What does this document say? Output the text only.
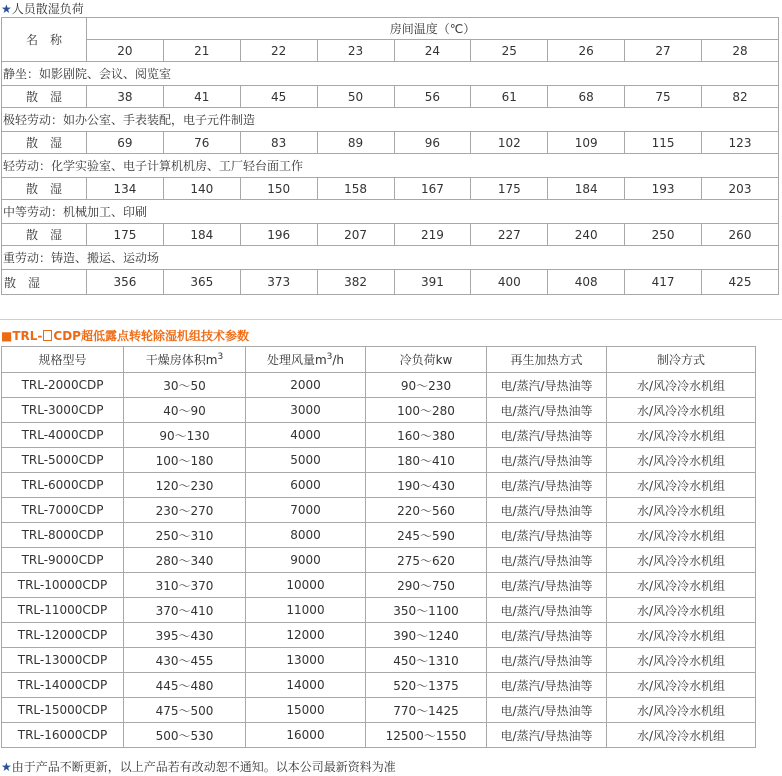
★人员散湿负荷
名　称	房间温度（℃）								
	20	21	22	23	24	25	26	27	28
静坐：如影剧院、会议、阅览室									
散　湿	38	41	45	50	56	61	68	75	82
极轻劳动：如办公室、手表装配，电子元件制造									
散　湿	69	76	83	89	96	102	109	115	123
轻劳动：化学实验室、电子计算机机房、工厂轻台面工作									
散　湿	134	140	150	158	167	175	184	193	203
中等劳动：机械加工、印刷									
散　湿	175	184	196	207	219	227	240	250	260
重劳动：铸造、搬运、运动场									
散　湿	356	365	373	382	391	400	408	417	425
■TRL- CDP超低露点转轮除湿机组技术参数
规格型号	干燥房体积$m^3$	处理风量$m^3/h$	冷负荷kw	再生加热方式	制冷方式
TRL-2000CDP	30～50	2000	90～230	电/蒸汽/导热油等	水/风冷冷水机组
TRL-3000CDP	40～90	3000	100～280	电/蒸汽/导热油等	水/风冷冷水机组
TRL-4000CDP	90～130	4000	160～380	电/蒸汽/导热油等	水/风冷冷水机组
TRL-5000CDP	100～180	5000	180～410	电/蒸汽/导热油等	水/风冷冷水机组
TRL-6000CDP	120～230	6000	190～430	电/蒸汽/导热油等	水/风冷冷水机组
TRL-7000CDP	230～270	7000	220～560	电/蒸汽/导热油等	水/风冷冷水机组
TRL-8000CDP	250～310	8000	245～590	电/蒸汽/导热油等	水/风冷冷水机组
TRL-9000CDP	280～340	9000	275～620	电/蒸汽/导热油等	水/风冷冷水机组
TRL-10000CDP	310～370	10000	290～750	电/蒸汽/导热油等	水/风冷冷水机组
TRL-11000CDP	370～410	11000	350～1100	电/蒸汽/导热油等	水/风冷冷水机组
TRL-12000CDP	395～430	12000	390～1240	电/蒸汽/导热油等	水/风冷冷水机组
TRL-13000CDP	430～455	13000	450～1310	电/蒸汽/导热油等	水/风冷冷水机组
TRL-14000CDP	445～480	14000	520～1375	电/蒸汽/导热油等	水/风冷冷水机组
TRL-15000CDP	475～500	15000	770～1425	电/蒸汽/导热油等	水/风冷冷水机组
TRL-16000CDP	500～530	16000	12500～1550	电/蒸汽/导热油等	水/风冷冷水机组
★由于产品不断更新，以上产品若有改动恕不通知。以本公司最新资料为准
